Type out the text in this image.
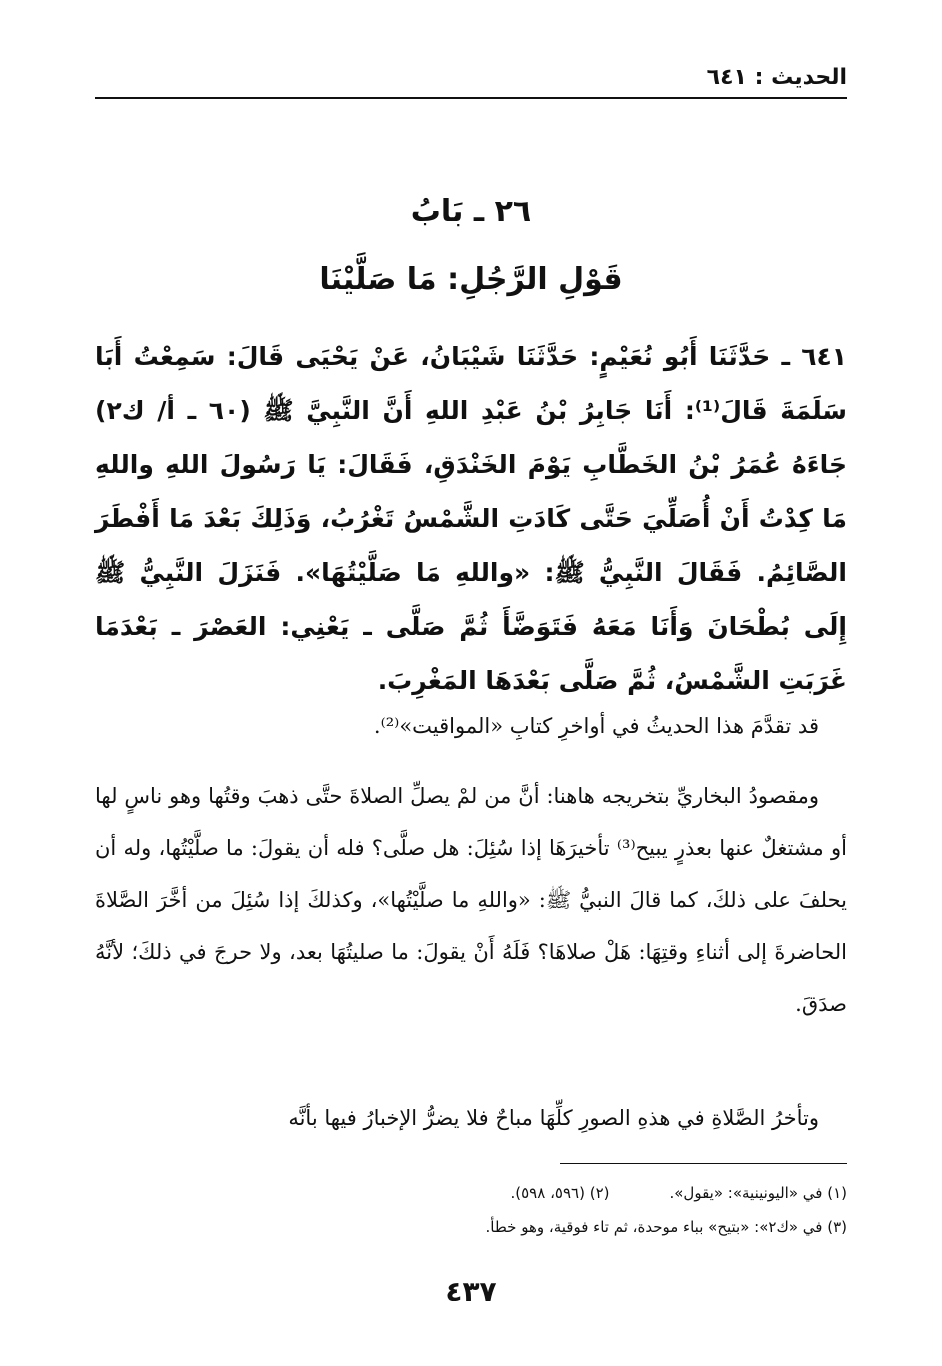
الحديث : ٦٤١
٢٦ ـ بَابُ
قَوْلِ الرَّجُلِ: مَا صَلَّيْنَا
٦٤١ ـ حَدَّثَنَا أَبُو نُعَيْمٍ: حَدَّثَنَا شَيْبَانُ، عَنْ يَحْيَى قَالَ: سَمِعْتُ أَبَا سَلَمَةَ قَالَ⁽¹⁾: أَنَا جَابِرُ بْنُ عَبْدِ اللهِ أَنَّ النَّبِيَّ ﷺ (٦٠ ـ أ/ ك٢) جَاءَهُ عُمَرُ بْنُ الخَطَّابِ يَوْمَ الخَنْدَقِ، فَقَالَ: يَا رَسُولَ اللهِ واللهِ مَا كِدْتُ أَنْ أُصَلِّيَ حَتَّى كَادَتِ الشَّمْسُ تَغْرُبُ، وَذَلِكَ بَعْدَ مَا أَفْطَرَ الصَّائِمُ. فَقَالَ النَّبِيُّ ﷺ: «واللهِ مَا صَلَّيْتُهَا». فَنَزَلَ النَّبِيُّ ﷺ إِلَى بُطْحَانَ وَأَنَا مَعَهُ فَتَوَضَّأَ ثُمَّ صَلَّى ـ يَعْنِي: العَصْرَ ـ بَعْدَمَا غَرَبَتِ الشَّمْسُ، ثُمَّ صَلَّى بَعْدَهَا المَغْرِبَ.
قد تقدَّمَ هذا الحديثُ في أواخرِ كتابِ «المواقيت»⁽²⁾.
ومقصودُ البخاريِّ بتخريجه هاهنا: أنَّ من لمْ يصلِّ الصلاةَ حتَّى ذهبَ وقتُها وهو ناسٍ لها أو مشتغلٌ عنها بعذرٍ يبيح⁽³⁾ تأخيرَهَا إذا سُئِلَ: هل صلَّى؟ فله أن يقولَ: ما صلَّيْتُها، وله أن يحلفَ على ذلكَ، كما قالَ النبيُّ ﷺ: «واللهِ ما صلَّيْتُها»، وكذلكَ إذا سُئِلَ من أخَّرَ الصَّلاةَ الحاضرةَ إلى أثناءِ وقتِهَا: هَلْ صلاهَا؟ فَلَهُ أَنْ يقولَ: ما صليتُهَا بعد، ولا حرجَ في ذلكَ؛ لأنَّهُ صدَقَ.
وتأخرُ الصَّلاةِ في هذهِ الصورِ كلِّهَا مباحٌ فلا يضرُّ الإخبارُ فيها بأنَّه
(١) في «اليونينية»: «يقول».(٢) (٥٩٦، ٥٩٨).
(٣) في «ك٢»: «بتيح» بباء موحدة، ثم تاء فوقية، وهو خطأ.
٤٣٧
